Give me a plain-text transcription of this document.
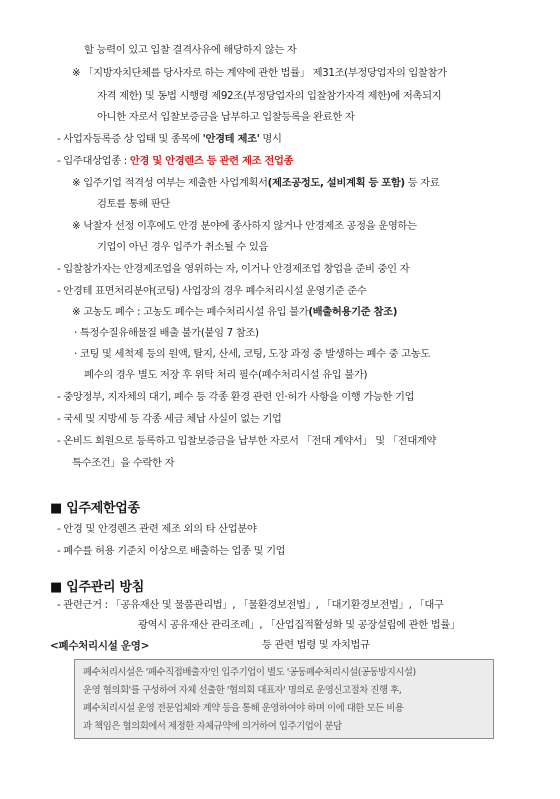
할 능력이 있고 입찰 결격사유에 해당하지 않는 자
※ 「지방자치단체를 당사자로 하는 계약에 관한 법률」 제31조(부정당업자의 입찰참가
자격 제한) 및 동법 시행령 제92조(부정당업자의 입찰참가자격 제한)에 저촉되지
아니한 자로서 입찰보증금을 납부하고 입찰등록을 완료한 자
- 사업자등록증 상 업태 및 종목에 '안경테 제조' 명시
- 입주대상업종 : 안경 및 안경렌즈 등 관련 제조 전업종
※ 입주기업 적격성 여부는 제출한 사업계획서(제조공정도, 설비계획 등 포함) 등 자료
검토를 통해 판단
※ 낙찰자 선정 이후에도 안경 분야에 종사하지 않거나 안경제조 공정을 운영하는
기업이 아닌 경우 입주가 취소될 수 있음
- 입찰참가자는 안경제조업을 영위하는 자, 이거나 안경제조업 창업을 준비 중인 자
- 안경테 표면처리분야(코팅) 사업장의 경우 폐수처리시설 운영기준 준수
※ 고농도 폐수 : 고농도 폐수는 폐수처리시설 유입 불가(배출허용기준 참조)
· 특정수질유해물질 배출 불가(붙임 7 참조)
· 코팅 및 세척제 등의 원액, 탈지, 산세, 코팅, 도장 과정 중 발생하는 폐수 중 고농도
폐수의 경우 별도 저장 후 위탁 처리 필수(폐수처리시설 유입 불가)
- 중앙정부, 지자체의 대기, 폐수 등 각종 환경 관련 인·허가 사항을 이행 가능한 기업
- 국세 및 지방세 등 각종 세금 체납 사실이 없는 기업
- 온비드 회원으로 등록하고 입찰보증금을 납부한 자로서 「전대 계약서」 및 「전대계약
특수조건」을 수락한 자
■ 입주제한업종
- 안경 및 안경렌즈 관련 제조 외의 타 산업분야
- 폐수를 허용 기준치 이상으로 배출하는 업종 및 기업
■ 입주관리 방침
- 관련근거 : 「공유재산 및 물품관리법」, 「물환경보전법」, 「대기환경보전법」, 「대구
광역시 공유재산 관리조례」, 「산업집적활성화 및 공장설립에 관한 법률」
<폐수처리시설 운영>	등 관련 법령 및 자치법규
폐수처리시설은 '폐수직접배출자'인 입주기업이 별도 '공동폐수처리시설(공동방지시설)
운영 협의회'를 구성하여 자체 선출한 '협의회 대표자' 명의로 운영신고절차 진행 후,
폐수처리시설 운영 전문업체와 계약 등을 통해 운영하여야 하며 이에 대한 모든 비용
과 책임은 협의회에서 제정한 자체규약에 의거하여 입주기업이 분담
